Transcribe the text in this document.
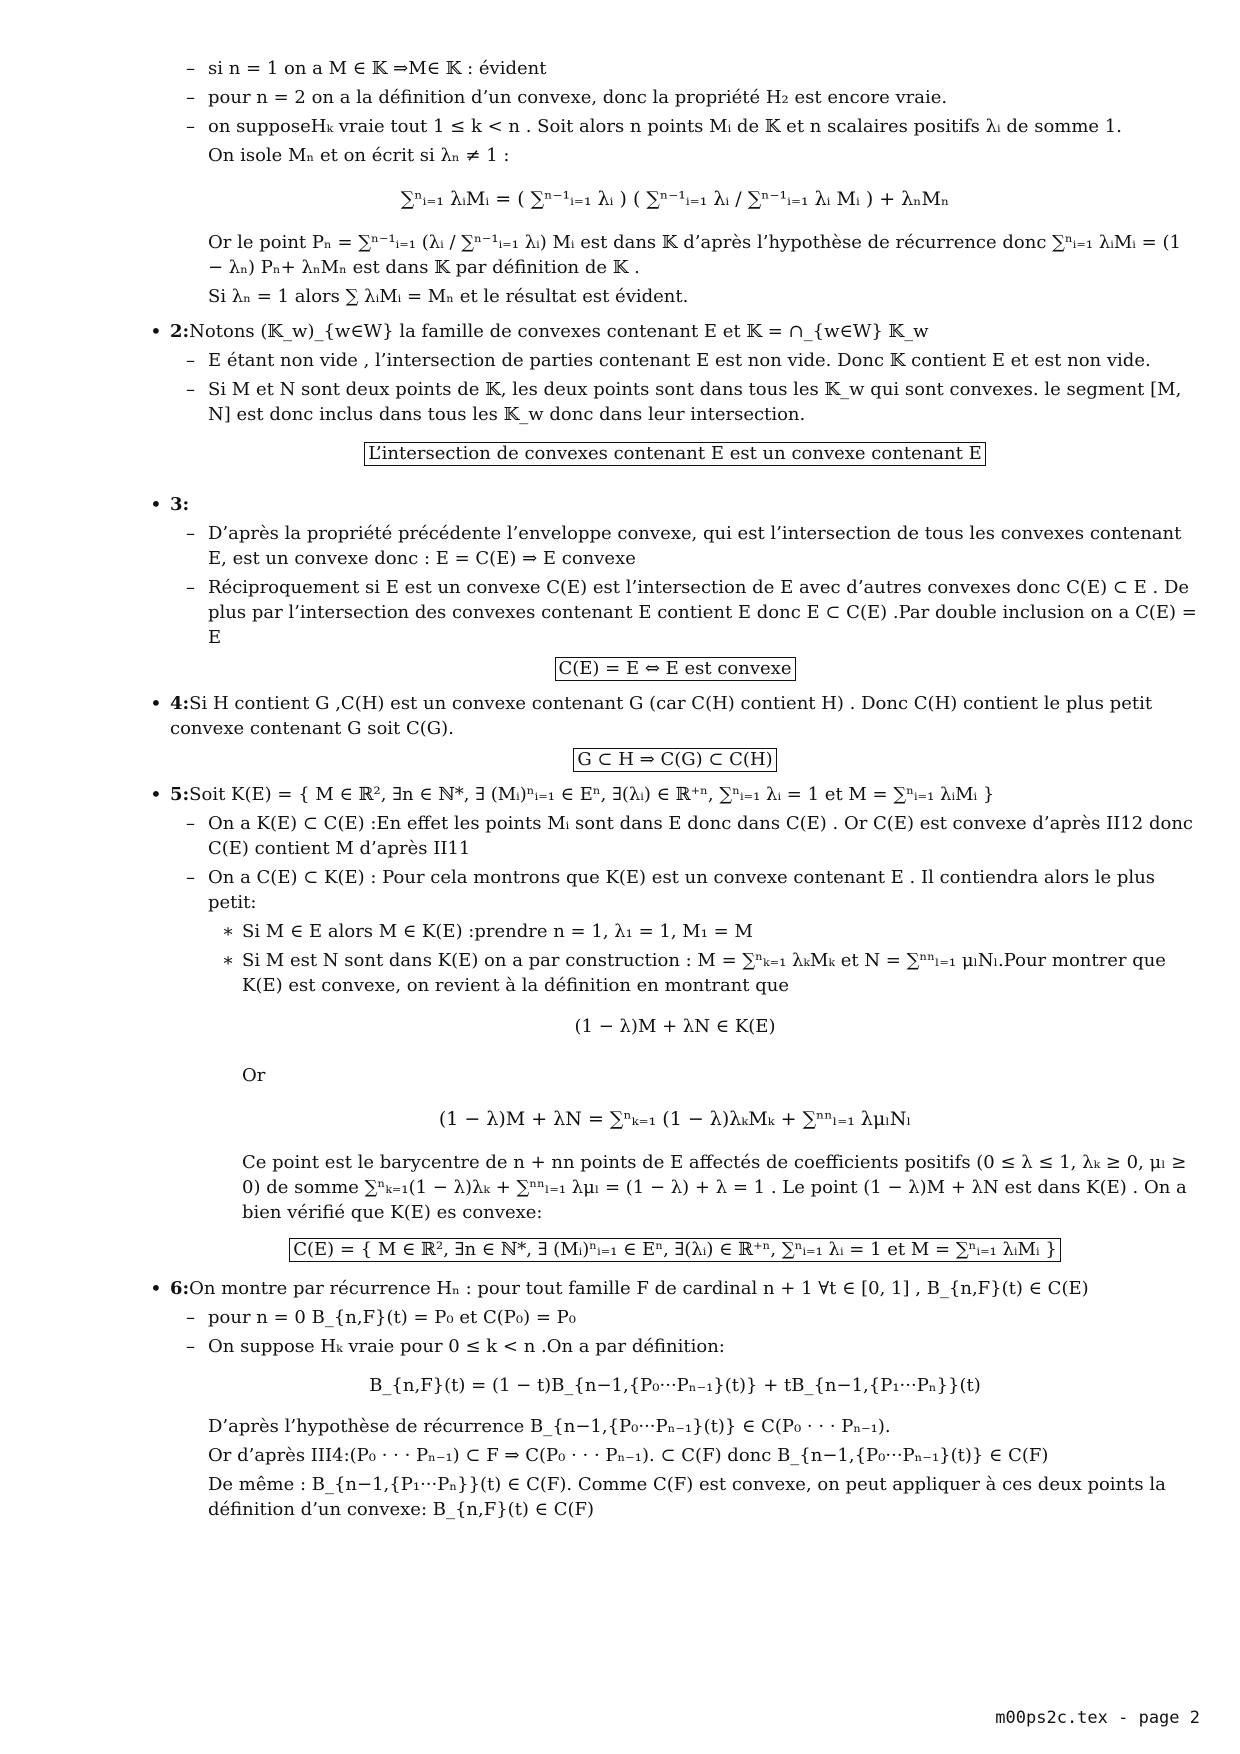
– si n = 1 on a M ∈ 𝕂 ⇒M∈ 𝕂 : évident
– pour n = 2 on a la définition d’un convexe, donc la propriété H₂ est encore vraie.
– on supposeHₖ vraie tout 1 ≤ k < n . Soit alors n points Mᵢ de 𝕂 et n scalaires positifs λᵢ de somme 1.
On isole Mₙ et on écrit si λₙ ≠ 1 :
∑ⁿᵢ₌₁ λᵢMᵢ = ( ∑ⁿ⁻¹ᵢ₌₁ λᵢ ) ( ∑ⁿ⁻¹ᵢ₌₁ λᵢ / ∑ⁿ⁻¹ᵢ₌₁ λᵢ Mᵢ ) + λₙMₙ
Or le point Pₙ = ∑ⁿ⁻¹ᵢ₌₁ (λᵢ / ∑ⁿ⁻¹ᵢ₌₁ λᵢ) Mᵢ est dans 𝕂 d’après l’hypothèse de récurrence donc ∑ⁿᵢ₌₁ λᵢMᵢ = (1 − λₙ) Pₙ+ λₙMₙ est dans 𝕂 par définition de 𝕂 .
Si λₙ = 1 alors ∑ λᵢMᵢ = Mₙ et le résultat est évident.
• 2:Notons (𝕂_w)_{w∈W} la famille de convexes contenant E et 𝕂 = ∩_{w∈W} 𝕂_w
– E étant non vide , l’intersection de parties contenant E est non vide. Donc 𝕂 contient E et est non vide.
– Si M et N sont deux points de 𝕂, les deux points sont dans tous les 𝕂_w qui sont convexes. le segment [M, N] est donc inclus dans tous les 𝕂_w donc dans leur intersection.
L’intersection de convexes contenant E est un convexe contenant E
• 3:
– D’après la propriété précédente l’enveloppe convexe, qui est l’intersection de tous les convexes contenant E, est un convexe donc : E = C(E) ⇒ E convexe
– Réciproquement si E est un convexe C(E) est l’intersection de E avec d’autres convexes donc C(E) ⊂ E . De plus par l’intersection des convexes contenant E contient E donc E ⊂ C(E) .Par double inclusion on a C(E) = E
C(E) = E ⇔ E est convexe
• 4:Si H contient G ,C(H) est un convexe contenant G (car C(H) contient H) . Donc C(H) contient le plus petit convexe contenant G soit C(G).
G ⊂ H ⇒ C(G) ⊂ C(H)
• 5:Soit K(E) = { M ∈ ℝ², ∃n ∈ ℕ*, ∃ (Mᵢ)ⁿᵢ₌₁ ∈ Eⁿ, ∃(λᵢ) ∈ ℝ⁺ⁿ, ∑ⁿᵢ₌₁ λᵢ = 1 et M = ∑ⁿᵢ₌₁ λᵢMᵢ }
– On a K(E) ⊂ C(E) :En effet les points Mᵢ sont dans E donc dans C(E) . Or C(E) est convexe d’après II12 donc C(E) contient M d’après II11
– On a C(E) ⊂ K(E) : Pour cela montrons que K(E) est un convexe contenant E . Il contiendra alors le plus petit:
∗ Si M ∈ E alors M ∈ K(E) :prendre n = 1, λ₁ = 1, M₁ = M
∗ Si M est N sont dans K(E) on a par construction : M = ∑ⁿₖ₌₁ λₖMₖ et N = ∑ⁿⁿₗ₌₁ μₗNₗ.Pour montrer que K(E) est convexe, on revient à la définition en montrant que
(1 − λ)M + λN ∈ K(E)
Or
(1 − λ)M + λN = ∑ⁿₖ₌₁ (1 − λ)λₖMₖ + ∑ⁿⁿₗ₌₁ λμₗNₗ
Ce point est le barycentre de n + nn points de E affectés de coefficients positifs (0 ≤ λ ≤ 1, λₖ ≥ 0, μₗ ≥ 0) de somme ∑ⁿₖ₌₁(1 − λ)λₖ + ∑ⁿⁿₗ₌₁ λμₗ = (1 − λ) + λ = 1 . Le point (1 − λ)M + λN est dans K(E) . On a bien vérifié que K(E) es convexe:
C(E) = { M ∈ ℝ², ∃n ∈ ℕ*, ∃ (Mᵢ)ⁿᵢ₌₁ ∈ Eⁿ, ∃(λᵢ) ∈ ℝ⁺ⁿ, ∑ⁿᵢ₌₁ λᵢ = 1 et M = ∑ⁿᵢ₌₁ λᵢMᵢ }
• 6:On montre par récurrence Hₙ : pour tout famille F de cardinal n + 1 ∀t ∈ [0, 1] , B_{n,F}(t) ∈ C(E)
– pour n = 0 B_{n,F}(t) = P₀ et C(P₀) = P₀
– On suppose Hₖ vraie pour 0 ≤ k < n .On a par définition:
B_{n,F}(t) = (1 − t)B_{n−1,{P₀···Pₙ₋₁}(t)} + tB_{n−1,{P₁···Pₙ}}(t)
D’après l’hypothèse de récurrence B_{n−1,{P₀···Pₙ₋₁}(t)} ∈ C(P₀ · · · Pₙ₋₁).
Or d’après III4:(P₀ · · · Pₙ₋₁) ⊂ F ⇒ C(P₀ · · · Pₙ₋₁). ⊂ C(F) donc B_{n−1,{P₀···Pₙ₋₁}(t)} ∈ C(F)
De même : B_{n−1,{P₁···Pₙ}}(t) ∈ C(F). Comme C(F) est convexe, on peut appliquer à ces deux points la définition d’un convexe: B_{n,F}(t) ∈ C(F)
m00ps2c.tex - page 2
